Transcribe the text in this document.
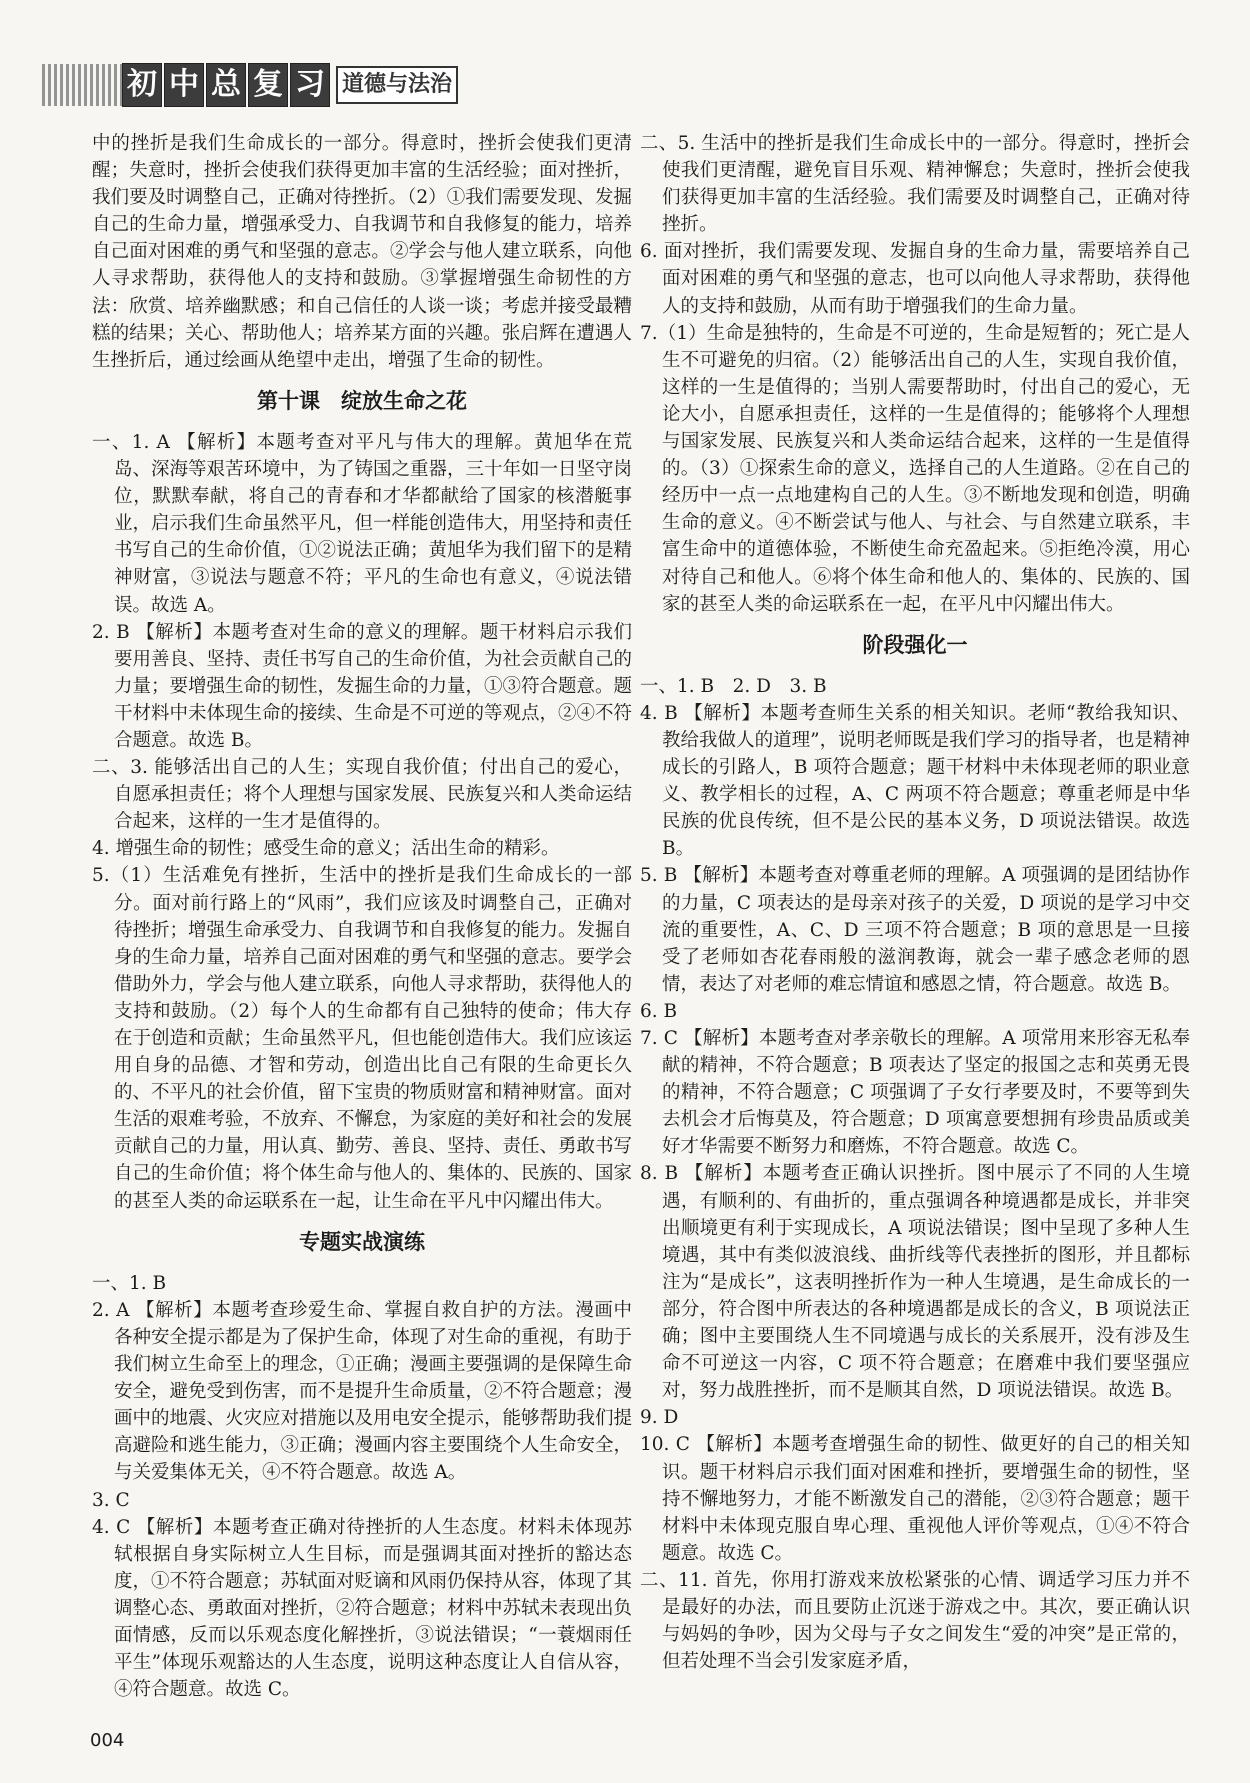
初 中 总 复 习 道德与法治

中的挫折是我们生命成长的一部分。得意时，挫折会使我们更清醒；失意时，挫折会使我们获得更加丰富的生活经验；面对挫折，我们要及时调整自己，正确对待挫折。（2）①我们需要发现、发掘自己的生命力量，增强承受力、自我调节和自我修复的能力，培养自己面对困难的勇气和坚强的意志。②学会与他人建立联系，向他人寻求帮助，获得他人的支持和鼓励。③掌握增强生命韧性的方法：欣赏、培养幽默感；和自己信任的人谈一谈；考虑并接受最糟糕的结果；关心、帮助他人；培养某方面的兴趣。张启辉在遭遇人生挫折后，通过绘画从绝望中走出，增强了生命的韧性。

第十课　绽放生命之花

一、1. A 【解析】本题考查对平凡与伟大的理解。黄旭华在荒岛、深海等艰苦环境中，为了铸国之重器，三十年如一日坚守岗位，默默奉献，将自己的青春和才华都献给了国家的核潜艇事业，启示我们生命虽然平凡，但一样能创造伟大，用坚持和责任书写自己的生命价值，①②说法正确；黄旭华为我们留下的是精神财富，③说法与题意不符；平凡的生命也有意义，④说法错误。故选 A。

2. B 【解析】本题考查对生命的意义的理解。题干材料启示我们要用善良、坚持、责任书写自己的生命价值，为社会贡献自己的力量；要增强生命的韧性，发掘生命的力量，①③符合题意。题干材料中未体现生命的接续、生命是不可逆的等观点，②④不符合题意。故选 B。

二、3. 能够活出自己的人生；实现自我价值；付出自己的爱心，自愿承担责任；将个人理想与国家发展、民族复兴和人类命运结合起来，这样的一生才是值得的。

4. 增强生命的韧性；感受生命的意义；活出生命的精彩。

5.（1）生活难免有挫折，生活中的挫折是我们生命成长的一部分。面对前行路上的“风雨”，我们应该及时调整自己，正确对待挫折；增强生命承受力、自我调节和自我修复的能力。发掘自身的生命力量，培养自己面对困难的勇气和坚强的意志。要学会借助外力，学会与他人建立联系，向他人寻求帮助，获得他人的支持和鼓励。（2）每个人的生命都有自己独特的使命；伟大存在于创造和贡献；生命虽然平凡，但也能创造伟大。我们应该运用自身的品德、才智和劳动，创造出比自己有限的生命更长久的、不平凡的社会价值，留下宝贵的物质财富和精神财富。面对生活的艰难考验，不放弃、不懈怠，为家庭的美好和社会的发展贡献自己的力量，用认真、勤劳、善良、坚持、责任、勇敢书写自己的生命价值；将个体生命与他人的、集体的、民族的、国家的甚至人类的命运联系在一起，让生命在平凡中闪耀出伟大。

专题实战演练

一、1. B

2. A 【解析】本题考查珍爱生命、掌握自救自护的方法。漫画中各种安全提示都是为了保护生命，体现了对生命的重视，有助于我们树立生命至上的理念，①正确；漫画主要强调的是保障生命安全，避免受到伤害，而不是提升生命质量，②不符合题意；漫画中的地震、火灾应对措施以及用电安全提示，能够帮助我们提高避险和逃生能力，③正确；漫画内容主要围绕个人生命安全，与关爱集体无关，④不符合题意。故选 A。

3. C

4. C 【解析】本题考查正确对待挫折的人生态度。材料未体现苏轼根据自身实际树立人生目标，而是强调其面对挫折的豁达态度，①不符合题意；苏轼面对贬谪和风雨仍保持从容，体现了其调整心态、勇敢面对挫折，②符合题意；材料中苏轼未表现出负面情感，反而以乐观态度化解挫折，③说法错误；“一蓑烟雨任平生”体现乐观豁达的人生态度，说明这种态度让人自信从容，④符合题意。故选 C。

二、5. 生活中的挫折是我们生命成长中的一部分。得意时，挫折会使我们更清醒，避免盲目乐观、精神懈怠；失意时，挫折会使我们获得更加丰富的生活经验。我们需要及时调整自己，正确对待挫折。

6. 面对挫折，我们需要发现、发掘自身的生命力量，需要培养自己面对困难的勇气和坚强的意志，也可以向他人寻求帮助，获得他人的支持和鼓励，从而有助于增强我们的生命力量。

7.（1）生命是独特的，生命是不可逆的，生命是短暂的；死亡是人生不可避免的归宿。（2）能够活出自己的人生，实现自我价值，这样的一生是值得的；当别人需要帮助时，付出自己的爱心，无论大小，自愿承担责任，这样的一生是值得的；能够将个人理想与国家发展、民族复兴和人类命运结合起来，这样的一生是值得的。（3）①探索生命的意义，选择自己的人生道路。②在自己的经历中一点一点地建构自己的人生。③不断地发现和创造，明确生命的意义。④不断尝试与他人、与社会、与自然建立联系，丰富生命中的道德体验，不断使生命充盈起来。⑤拒绝冷漠，用心对待自己和他人。⑥将个体生命和他人的、集体的、民族的、国家的甚至人类的命运联系在一起，在平凡中闪耀出伟大。

阶段强化一

一、1. B　2. D　3. B

4. B 【解析】本题考查师生关系的相关知识。老师“教给我知识、教给我做人的道理”，说明老师既是我们学习的指导者，也是精神成长的引路人，B 项符合题意；题干材料中未体现老师的职业意义、教学相长的过程，A、C 两项不符合题意；尊重老师是中华民族的优良传统，但不是公民的基本义务，D 项说法错误。故选 B。

5. B 【解析】本题考查对尊重老师的理解。A 项强调的是团结协作的力量，C 项表达的是母亲对孩子的关爱，D 项说的是学习中交流的重要性，A、C、D 三项不符合题意；B 项的意思是一旦接受了老师如杏花春雨般的滋润教诲，就会一辈子感念老师的恩情，表达了对老师的难忘情谊和感恩之情，符合题意。故选 B。

6. B

7. C 【解析】本题考查对孝亲敬长的理解。A 项常用来形容无私奉献的精神，不符合题意；B 项表达了坚定的报国之志和英勇无畏的精神，不符合题意；C 项强调了子女行孝要及时，不要等到失去机会才后悔莫及，符合题意；D 项寓意要想拥有珍贵品质或美好才华需要不断努力和磨炼，不符合题意。故选 C。

8. B 【解析】本题考查正确认识挫折。图中展示了不同的人生境遇，有顺利的、有曲折的，重点强调各种境遇都是成长，并非突出顺境更有利于实现成长，A 项说法错误；图中呈现了多种人生境遇，其中有类似波浪线、曲折线等代表挫折的图形，并且都标注为“是成长”，这表明挫折作为一种人生境遇，是生命成长的一部分，符合图中所表达的各种境遇都是成长的含义，B 项说法正确；图中主要围绕人生不同境遇与成长的关系展开，没有涉及生命不可逆这一内容，C 项不符合题意；在磨难中我们要坚强应对，努力战胜挫折，而不是顺其自然，D 项说法错误。故选 B。

9. D

10. C 【解析】本题考查增强生命的韧性、做更好的自己的相关知识。题干材料启示我们面对困难和挫折，要增强生命的韧性，坚持不懈地努力，才能不断激发自己的潜能，②③符合题意；题干材料中未体现克服自卑心理、重视他人评价等观点，①④不符合题意。故选 C。

二、11. 首先，你用打游戏来放松紧张的心情、调适学习压力并不是最好的办法，而且要防止沉迷于游戏之中。其次，要正确认识与妈妈的争吵，因为父母与子女之间发生“爱的冲突”是正常的，但若处理不当会引发家庭矛盾，

004
